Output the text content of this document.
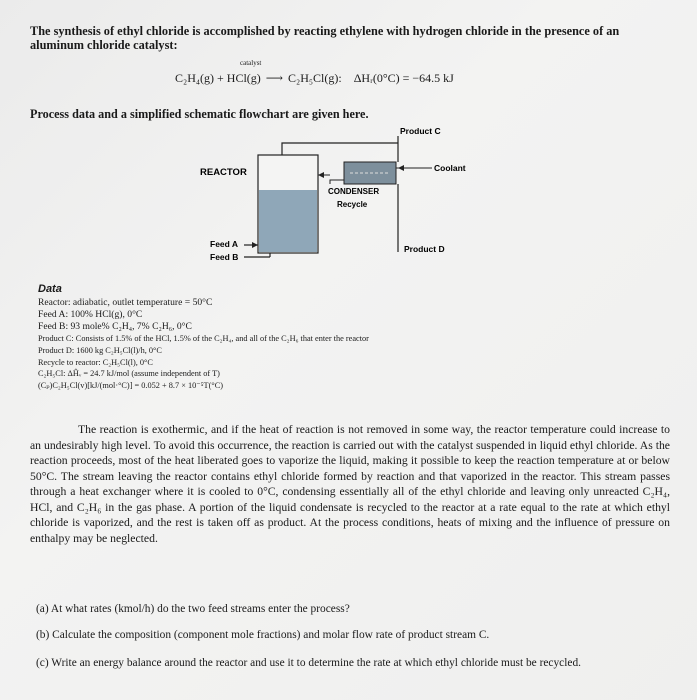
The synthesis of ethyl chloride is accomplished by reacting ethylene with hydrogen chloride in the presence of an aluminum chloride catalyst:
C₂H₄(g) + HCl(g)
catalyst
⟶ C₂H₅Cl(g): ΔHᵣ(0°C) = −64.5 kJ
Process data and a simplified schematic flowchart are given here.
REACTOR
Product C
Coolant
CONDENSER
Recycle
Feed A
Feed B
Product D
Data
Reactor: adiabatic, outlet temperature = 50°C
Feed A: 100% HCl(g), 0°C
Feed B: 93 mole% C₂H₄, 7% C₂H₆, 0°C
Product C: Consists of 1.5% of the HCl, 1.5% of the C₂H₄, and all of the C₂H₆ that enter the reactor
Product D: 1600 kg C₂H₅Cl(l)/h, 0°C
Recycle to reactor: C₂H₅Cl(l), 0°C
C₂H₅Cl: ΔĤᵥ = 24.7 kJ/mol (assume independent of T)
(Cₚ)C₂H₅Cl(v)[kJ/(mol·°C)] = 0.052 + 8.7 × 10⁻⁵T(°C)
The reaction is exothermic, and if the heat of reaction is not removed in some way, the reactor temperature could increase to an undesirably high level. To avoid this occurrence, the reaction is carried out with the catalyst suspended in liquid ethyl chloride. As the reaction proceeds, most of the heat liberated goes to vaporize the liquid, making it possible to keep the reaction temperature at or below 50°C. The stream leaving the reactor contains ethyl chloride formed by reaction and that vaporized in the reactor. This stream passes through a heat exchanger where it is cooled to 0°C, condensing essentially all of the ethyl chloride and leaving only unreacted C₂H₄, HCl, and C₂H₆ in the gas phase. A portion of the liquid condensate is recycled to the reactor at a rate equal to the rate at which ethyl chloride is vaporized, and the rest is taken off as product. At the process conditions, heats of mixing and the influence of pressure on enthalpy may be neglected.
(a) At what rates (kmol/h) do the two feed streams enter the process?
(b) Calculate the composition (component mole fractions) and molar flow rate of product stream C.
(c) Write an energy balance around the reactor and use it to determine the rate at which ethyl chloride must be recycled.
